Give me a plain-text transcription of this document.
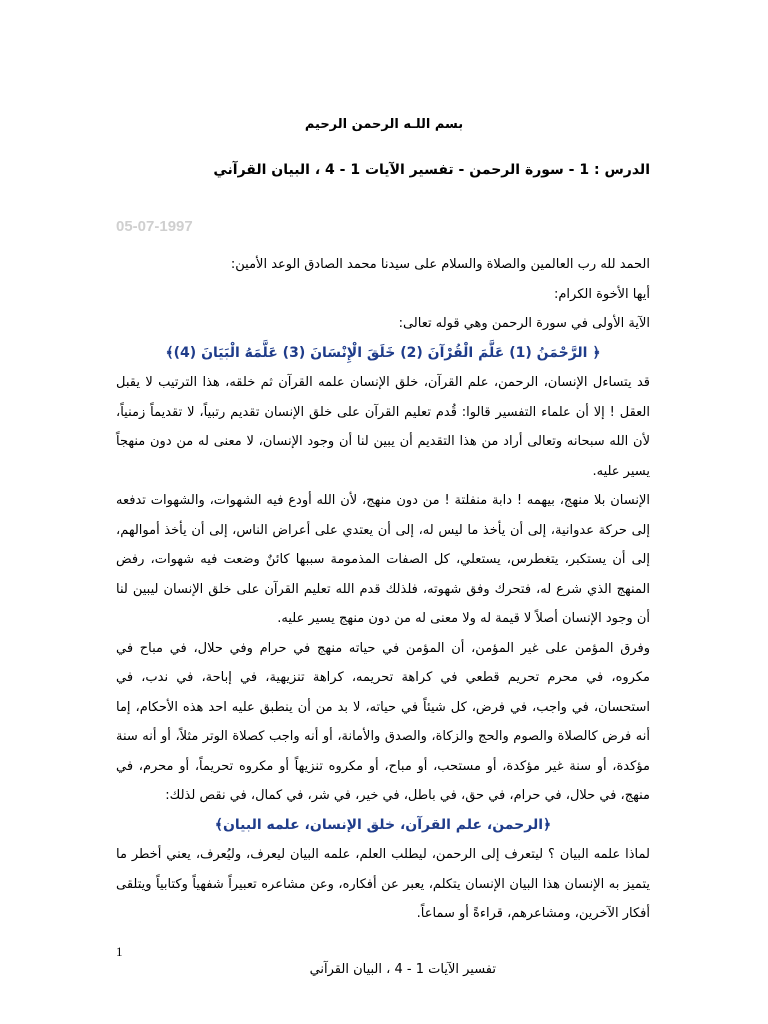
بسم اللـه الرحمن الرحيم
الدرس : 1 - سورة الرحمن - تفسير الآيات 1 - 4 ، البيان القرآني
05-07-1997

الحمد لله رب العالمين والصلاة والسلام على سيدنا محمد الصادق الوعد الأمين:

أيها الأخوة الكرام:

الآية الأولى في سورة الرحمن وهي قوله تعالى:

﴿ الرَّحْمَنُ (1) عَلَّمَ الْقُرْآنَ (2) خَلَقَ الْإِنْسَانَ (3) عَلَّمَهُ الْبَيَانَ (4)﴾

قد يتساءل الإنسان، الرحمن، علم القرآن، خلق الإنسان علمه القرآن ثم خلقه، هذا الترتيب لا يقبل العقل ! إلا أن علماء التفسير قالوا: قُدم تعليم القرآن على خلق الإنسان تقديم رتبياً، لا تقديماً زمنياً، لأن الله سبحانه وتعالى أراد من هذا التقديم أن يبين لنا أن وجود الإنسان، لا معنى له من دون منهجاً يسير عليه.

الإنسان بلا منهج، بيهمه ! دابة منفلتة ! من دون منهج، لأن الله أودع فيه الشهوات، والشهوات تدفعه إلى حركة عدوانية، إلى أن يأخذ ما ليس له، إلى أن يعتدي على أعراض الناس، إلى أن يأخذ أموالهم، إلى أن يستكبر، يتغطرس، يستعلي، كل الصفات المذمومة سببها كائنٌ وضعت فيه شهوات، رفض المنهج الذي شرع له، فتحرك وفق شهوته، فلذلك قدم الله تعليم القرآن على خلق الإنسان ليبين لنا أن وجود الإنسان أصلاً لا قيمة له ولا معنى له من دون منهج يسير عليه.

وفرق المؤمن على غير المؤمن، أن المؤمن في حياته منهج في حرام وفي حلال، في مباح في مكروه، في محرم تحريم قطعي في كراهة تحريمه، كراهة تنزيهية، في إباحة، في ندب، في استحسان، في واجب، في فرض، كل شيئاً في حياته، لا بد من أن ينطبق عليه احد هذه الأحكام، إما أنه فرض كالصلاة والصوم والحج والزكاة، والصدق والأمانة، أو أنه واجب كصلاة الوتر مثلاً، أو أنه سنة مؤكدة، أو سنة غير مؤكدة، أو مستحب، أو مباح، أو مكروه تنزيهاً أو مكروه تحريماً، أو محرم، في منهج، في حلال، في حرام، في حق، في باطل، في خير، في شر، في كمال، في نقص لذلك:

﴿الرحمن، علم القرآن، خلق الإنسان، علمه البيان﴾

لماذا علمه البيان ؟ ليتعرف إلى الرحمن، ليطلب العلم، علمه البيان ليعرف، وليُعرف، يعني أخطر ما يتميز به الإنسان هذا البيان الإنسان يتكلم، يعبر عن أفكاره، وعن مشاعره تعبيراً شفهياً وكتابياً ويتلقى أفكار الآخرين، ومشاعرهم، قراءةً أو سماعاً.

1
تفسير الآيات 1 - 4 ، البيان القرآني
